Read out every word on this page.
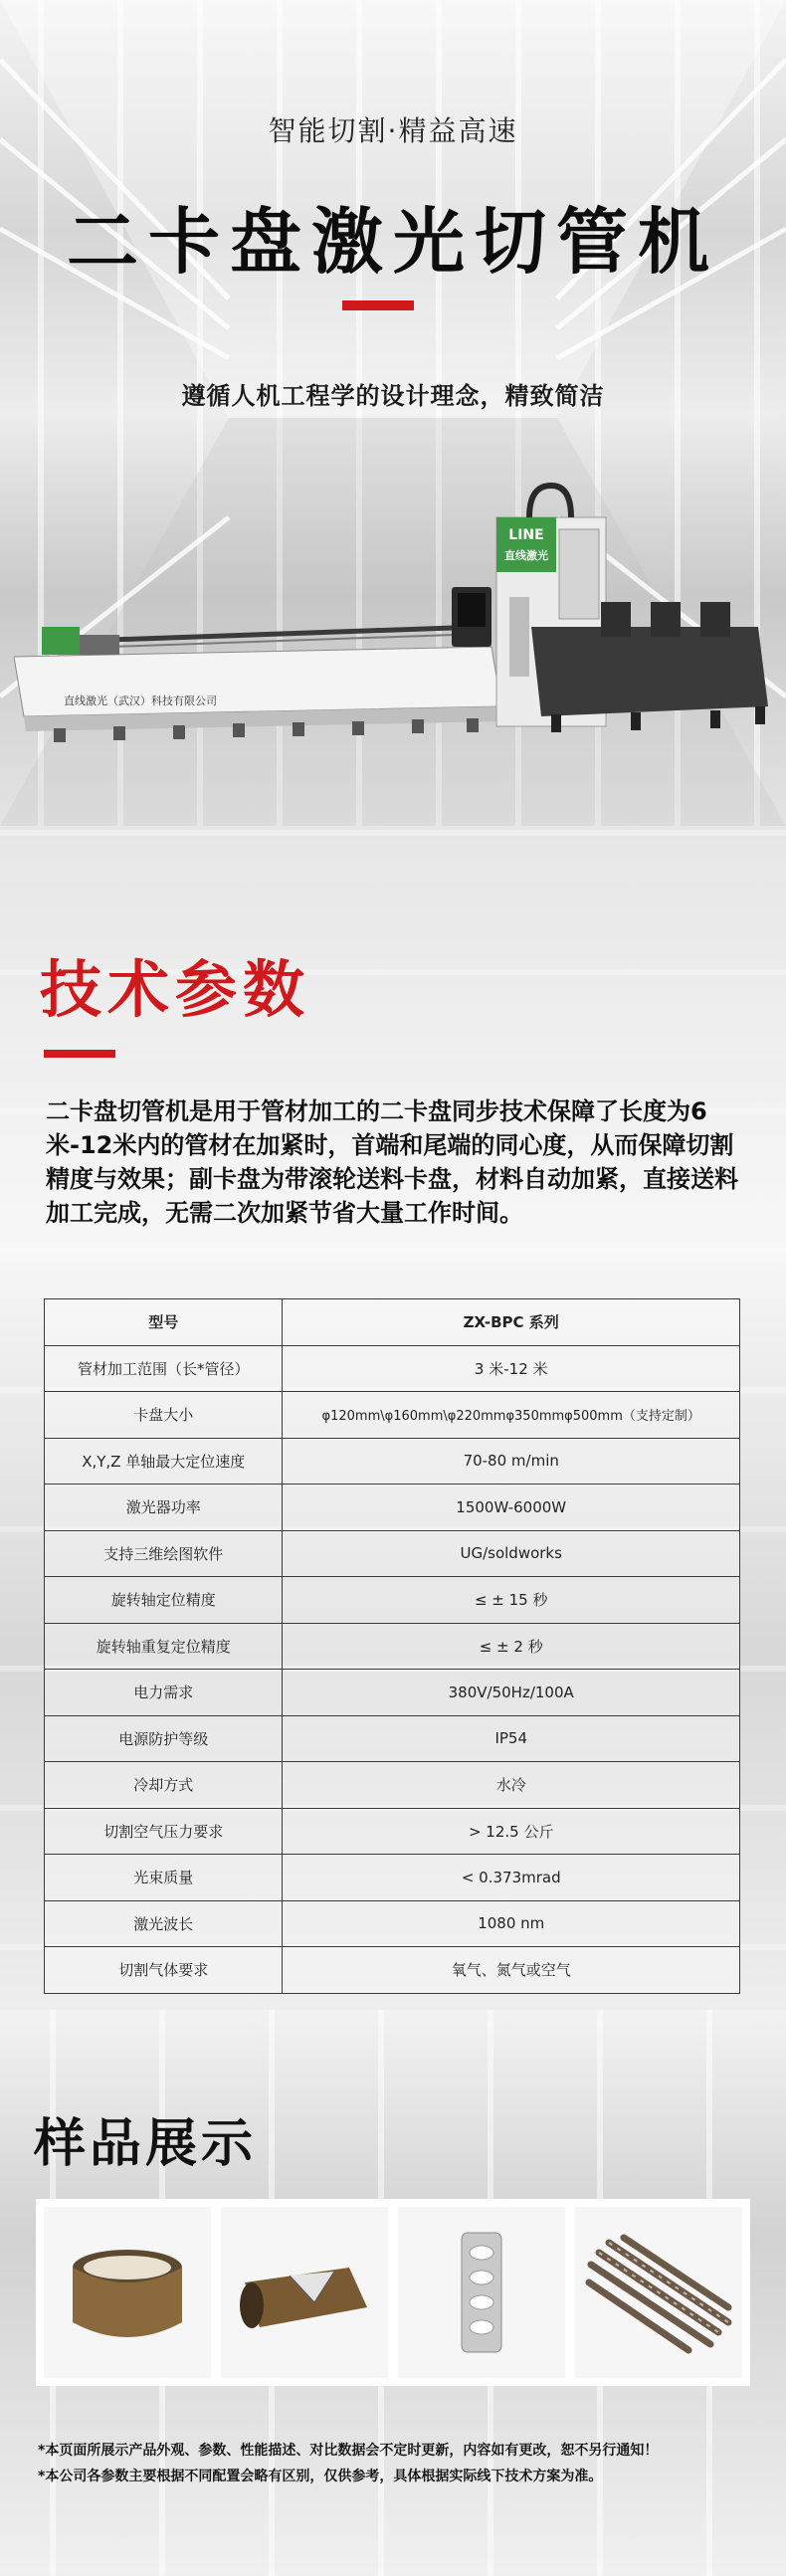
智能切割·精益高速
二卡盘激光切管机
遵循人机工程学的设计理念，精致简洁
直线激光（武汉）科技有限公司
LINE
直线激光
技术参数

二卡盘切管机是用于管材加工的二卡盘同步技术保障了长度为6米-12米内的管材在加紧时，首端和尾端的同心度，从而保障切割精度与效果；副卡盘为带滚轮送料卡盘，材料自动加紧，直接送料加工完成，无需二次加紧节省大量工作时间。

型号	ZX-BPC 系列
管材加工范围（长*管径）	3 米-12 米
卡盘大小	φ120mm\φ160mm\φ220mmφ350mmφ500mm（支持定制）
X,Y,Z 单轴最大定位速度	70-80 m/min
激光器功率	1500W-6000W
支持三维绘图软件	UG/soldworks
旋转轴定位精度	≤ ± 15 秒
旋转轴重复定位精度	≤ ± 2 秒
电力需求	380V/50Hz/100A
电源防护等级	IP54
冷却方式	水冷
切割空气压力要求	> 12.5 公斤
光束质量	< 0.373mrad
激光波长	1080 nm
切割气体要求	氧气、氮气或空气
样品展示
*本页面所展示产品外观、参数、性能描述、对比数据会不定时更新，内容如有更改，恕不另行通知！
*本公司各参数主要根据不同配置会略有区别，仅供参考，具体根据实际线下技术方案为准。
